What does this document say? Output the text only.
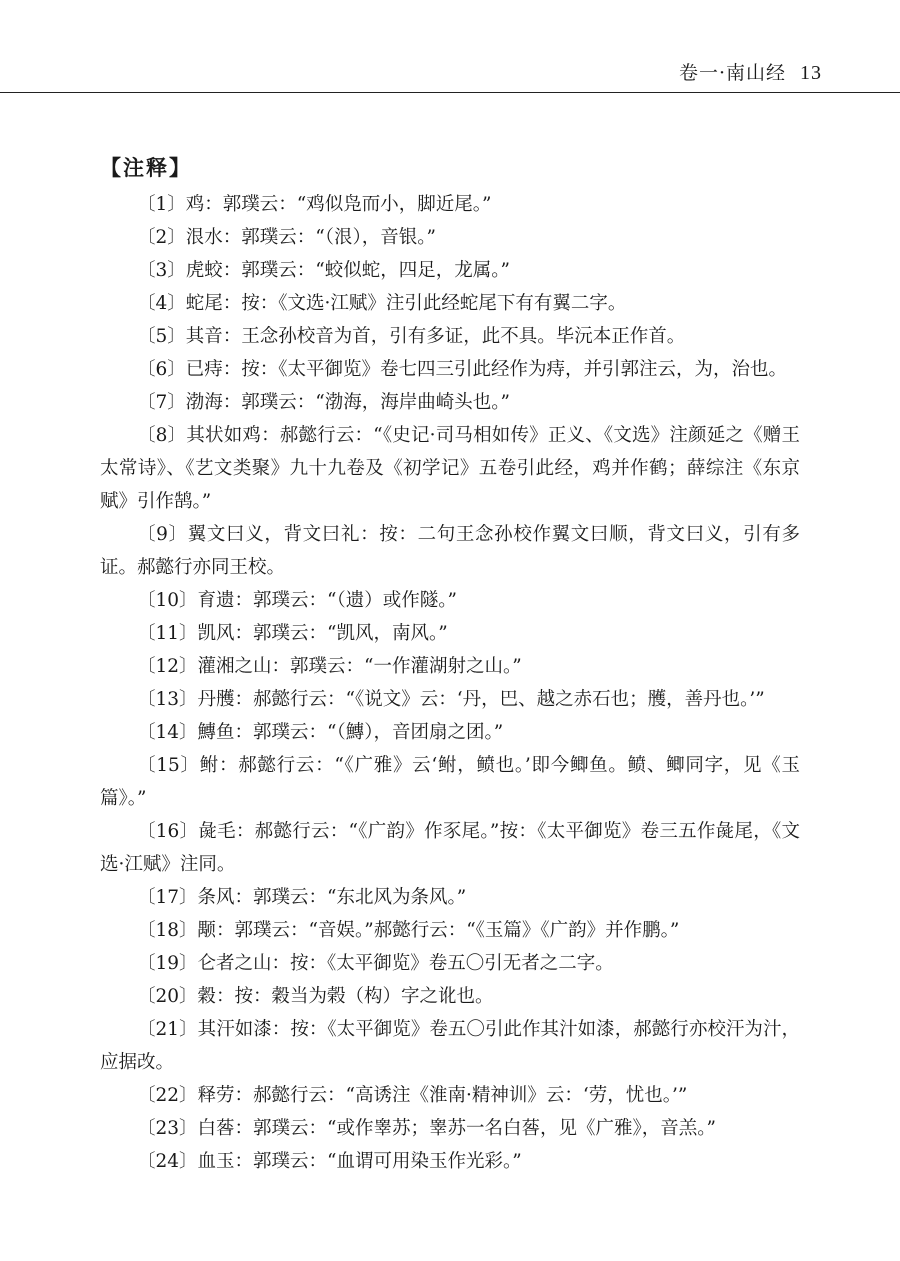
卷一·南山经 13
【注释】

〔1〕鸡：郭璞云：“鸡似凫而小，脚近尾。”

〔2〕泿水：郭璞云：“（泿），音银。”

〔3〕虎蛟：郭璞云：“蛟似蛇，四足，龙属。”

〔4〕蛇尾：按：《文选·江赋》注引此经蛇尾下有有翼二字。

〔5〕其音：王念孙校音为首，引有多证，此不具。毕沅本正作首。

〔6〕已痔：按：《太平御览》卷七四三引此经作为痔，并引郭注云，为，治也。

〔7〕渤海：郭璞云：“渤海，海岸曲崎头也。”

〔8〕其状如鸡：郝懿行云：“《史记·司马相如传》正义、《文选》注颜延之《赠王太常诗》、《艺文类聚》九十九卷及《初学记》五卷引此经，鸡并作鹤；薛综注《东京赋》引作鹄。”

〔9〕翼文曰义，背文曰礼：按：二句王念孙校作翼文曰顺，背文曰义，引有多证。郝懿行亦同王校。

〔10〕育遗：郭璞云：“（遗）或作隧。”

〔11〕凯风：郭璞云：“凯风，南风。”

〔12〕灌湘之山：郭璞云：“一作灌湖射之山。”

〔13〕丹雘：郝懿行云：“《说文》云：‘丹，巴、越之赤石也；雘，善丹也。’”

〔14〕鱄鱼：郭璞云：“（鱄），音团扇之团。”

〔15〕鲋：郝懿行云：“《广雅》云‘鲋，鲼也。’即今鲫鱼。鲼、鲫同字，见《玉篇》。”

〔16〕彘毛：郝懿行云：“《广韵》作豕尾。”按：《太平御览》卷三五作彘尾，《文选·江赋》注同。

〔17〕条风：郭璞云：“东北风为条风。”

〔18〕颙：郭璞云：“音娱。”郝懿行云：“《玉篇》《广韵》并作鹏。”

〔19〕仑者之山：按：《太平御览》卷五〇引无者之二字。

〔20〕穀：按：穀当为榖（构）字之讹也。

〔21〕其汗如漆：按：《太平御览》卷五〇引此作其汁如漆，郝懿行亦校汗为汁，应据改。

〔22〕释劳：郝懿行云：“高诱注《淮南·精神训》云：‘劳，忧也。’”

〔23〕白䓘：郭璞云：“或作睾苏；睾苏一名白䓘，见《广雅》，音羔。”

〔24〕血玉：郭璞云：“血谓可用染玉作光彩。”
